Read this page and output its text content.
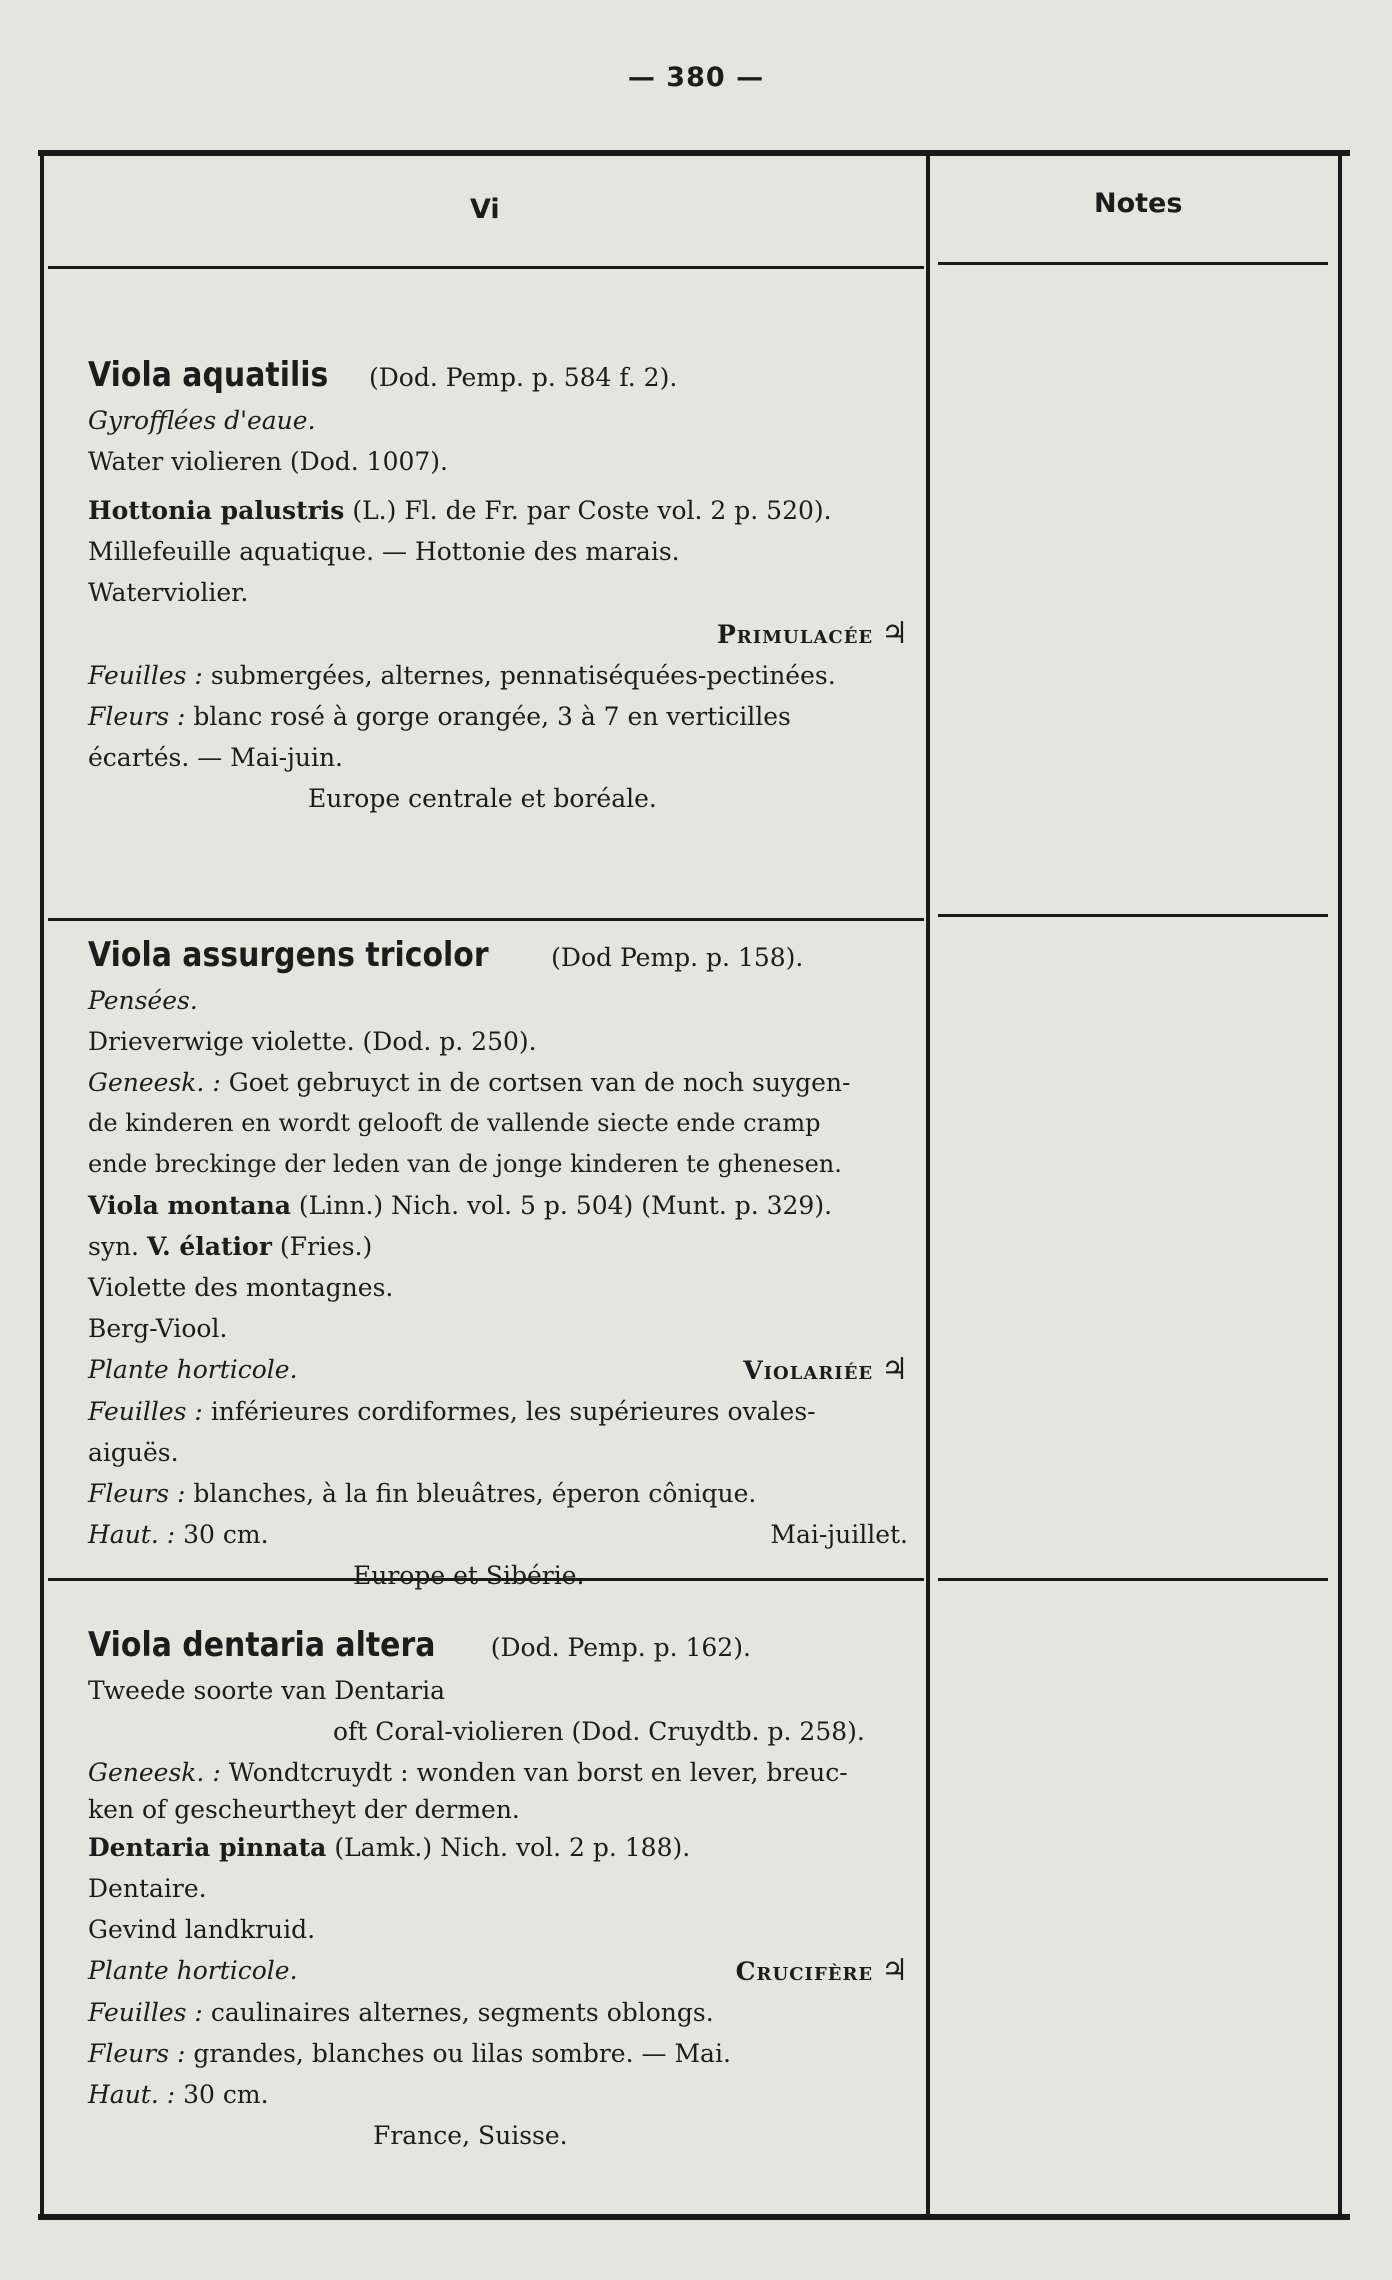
— 380 —
Vi	Notes
Viola aquatilis (Dod. Pemp. p. 584 f. 2).
Gyroffléеs d'eaue.
Water violieren (Dod. 1007).
Hottonia palustris (L.) Fl. de Fr. par Coste vol. 2 p. 520).
Millefeuille aquatique. — Hottonie des marais.
Waterviolier.
Primulacée ♃
Feuilles : submergées, alternes, pennatiséquées-pectinées.
Fleurs : blanc rosé à gorge orangée, 3 à 7 en verticilles
écartés. — Mai-juin.
Europe centrale et boréale.
Viola assurgens tricolor	(Dod Pemp. p. 158).
Pensées.
Drieverwige violette. (Dod. p. 250).
Geneesk. : Goet gebruyct in de cortsen van de noch suygen-
de kinderen en wordt gelooft de vallende siecte ende cramp
ende breckinge der leden van de jonge kinderen te ghenesen.
Viola montana (Linn.) Nich. vol. 5 p. 504) (Munt. p. 329).
syn. V. élatior (Fries.)
Violette des montagnes.
Berg-Viool.
Plante horticole.	Violariée ♃
Feuilles : inférieures cordiformes, les supérieures ovales-
aiguës.
Fleurs : blanches, à la fin bleuâtres, éperon cônique.
Haut. : 30 cm.	Mai-juillet.
Europe et Sibérie.
Viola dentaria altera (Dod. Pemp. p. 162).
Tweede soorte van Dentaria
oft Coral-violieren (Dod. Cruydtb. p. 258).
Geneesk. : Wondtcruydt : wonden van borst en lever, breuc-
ken of gescheurtheyt der dermen.
Dentaria pinnata (Lamk.) Nich. vol. 2 p. 188).
Dentaire.
Gevind landkruid.
Plante horticole.	Crucifère ♃
Feuilles : caulinaires alternes, segments oblongs.
Fleurs : grandes, blanches ou lilas sombre. — Mai.
Haut. : 30 cm.
France, Suisse.
